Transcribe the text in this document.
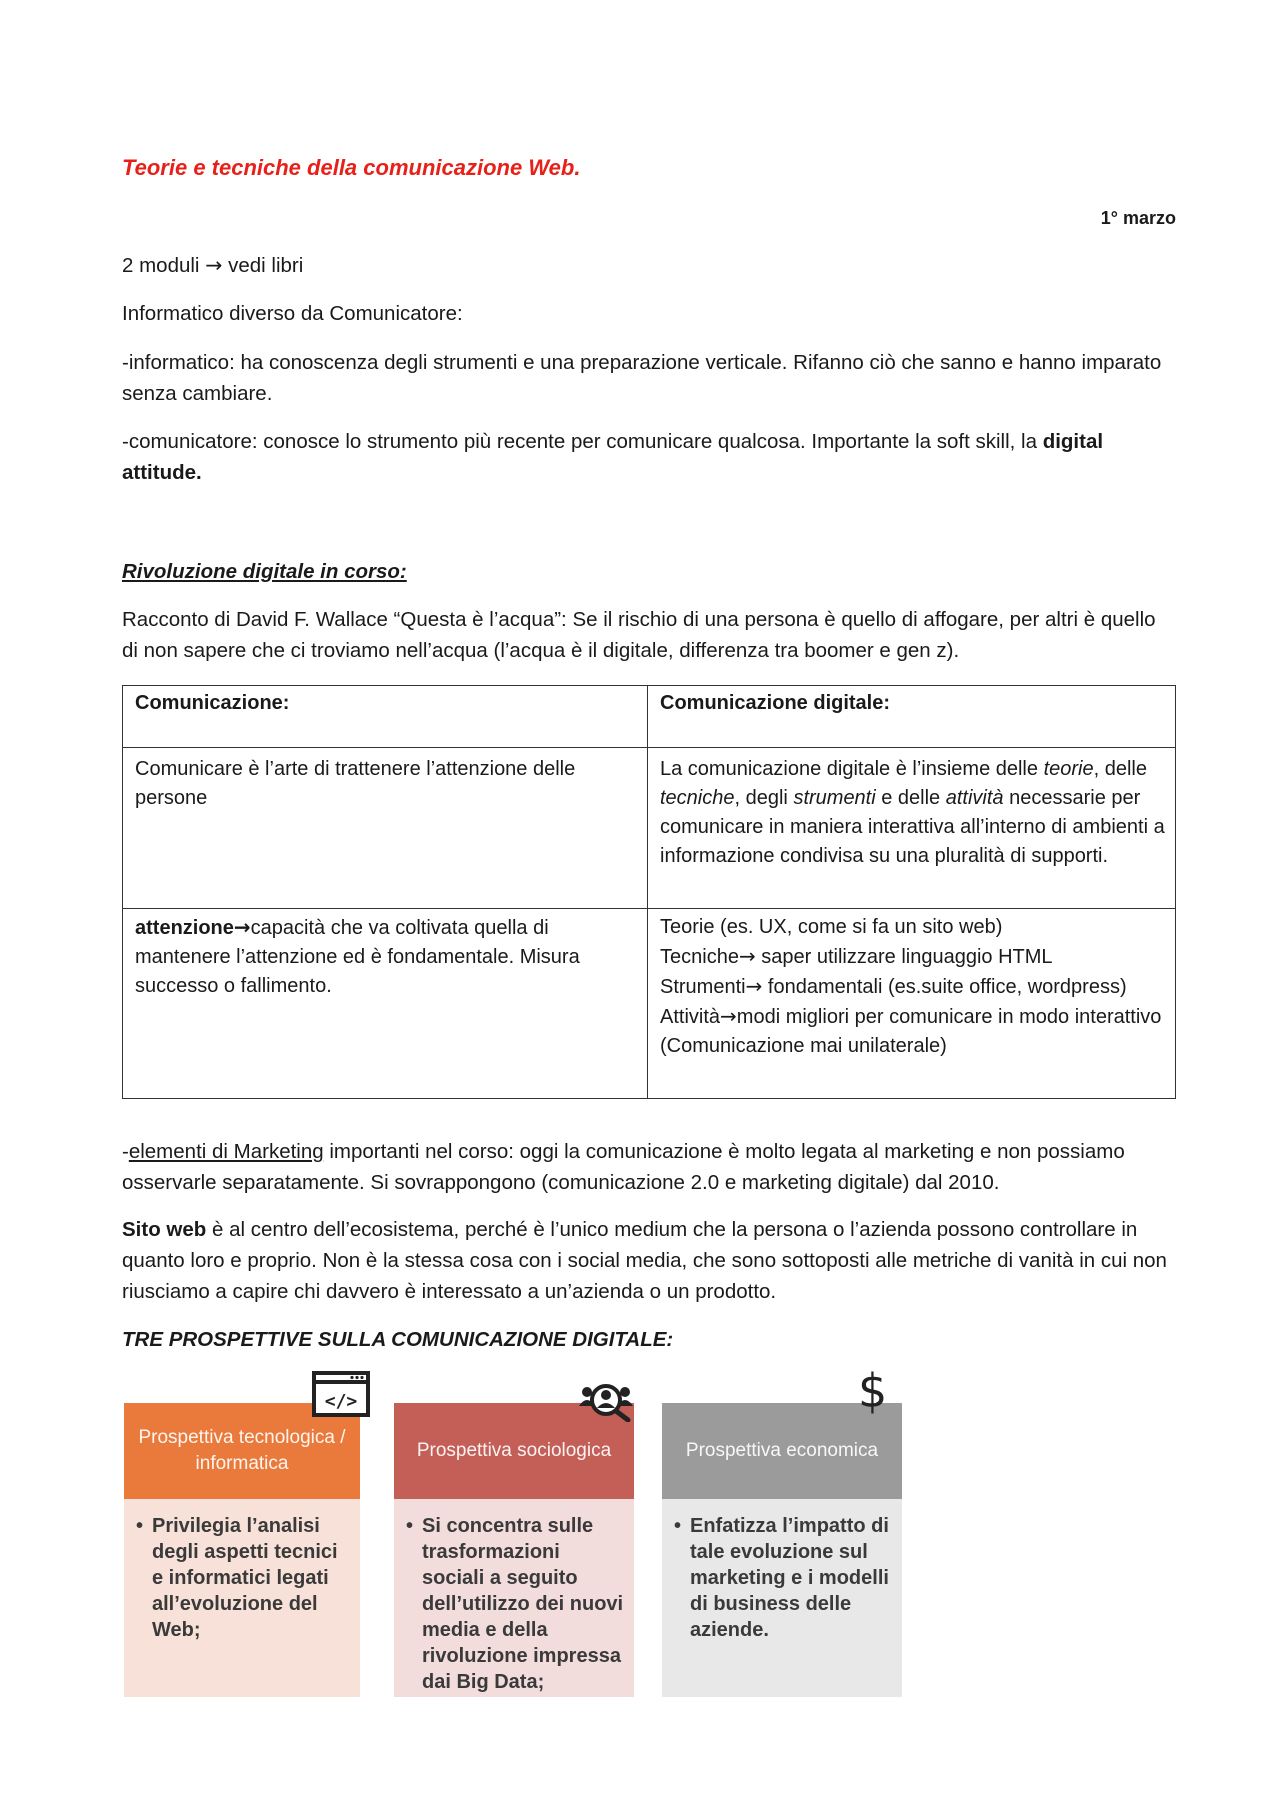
Teorie e tecniche della comunicazione Web.
1° marzo

2 moduli → vedi libri

Informatico diverso da Comunicatore:

-informatico: ha conoscenza degli strumenti e una preparazione verticale. Rifanno ciò che sanno e hanno imparato senza cambiare.

-comunicatore: conosce lo strumento più recente per comunicare qualcosa. Importante la soft skill, la digital attitude.

Rivoluzione digitale in corso:

Racconto di David F. Wallace “Questa è l’acqua”: Se il rischio di una persona è quello di affogare, per altri è quello di non sapere che ci troviamo nell’acqua (l’acqua è il digitale, differenza tra boomer e gen z).

Comunicazione:	Comunicazione digitale:
Comunicare è l’arte di trattenere l’attenzione delle persone	La comunicazione digitale è l’insieme delle teorie, delle tecniche, degli strumenti e delle attività necessarie per comunicare in maniera interattiva all’interno di ambienti a informazione condivisa su una pluralità di supporti.
attenzione→capacità che va coltivata quella di mantenere l’attenzione ed è fondamentale. Misura successo o fallimento.	Teorie (es. UX, come si fa un sito web)
Tecniche→ saper utilizzare linguaggio HTML
Strumenti→ fondamentali (es.suite office, wordpress)
Attività→modi migliori per comunicare in modo interattivo (Comunicazione mai unilaterale)

-elementi di Marketing importanti nel corso: oggi la comunicazione è molto legata al marketing e non possiamo osservarle separatamente. Si sovrappongono (comunicazione 2.0 e marketing digitale) dal 2010.

Sito web è al centro dell’ecosistema, perché è l’unico medium che la persona o l’azienda possono controllare in quanto loro e proprio. Non è la stessa cosa con i social media, che sono sottoposti alle metriche di vanità in cui non riusciamo a capire chi davvero è interessato a un’azienda o un prodotto.

TRE PROSPETTIVE SULLA COMUNICAZIONE DIGITALE:

Prospettiva tecnologica / informatica
• Privilegia l’analisi degli aspetti tecnici e informatici legati all’evoluzione del Web;
</>
Prospettiva sociologica
• Si concentra sulle trasformazioni sociali a seguito dell’utilizzo dei nuovi media e della rivoluzione impressa dai Big Data;
Prospettiva economica
• Enfatizza l’impatto di tale evoluzione sul marketing e i modelli di business delle aziende.
$
